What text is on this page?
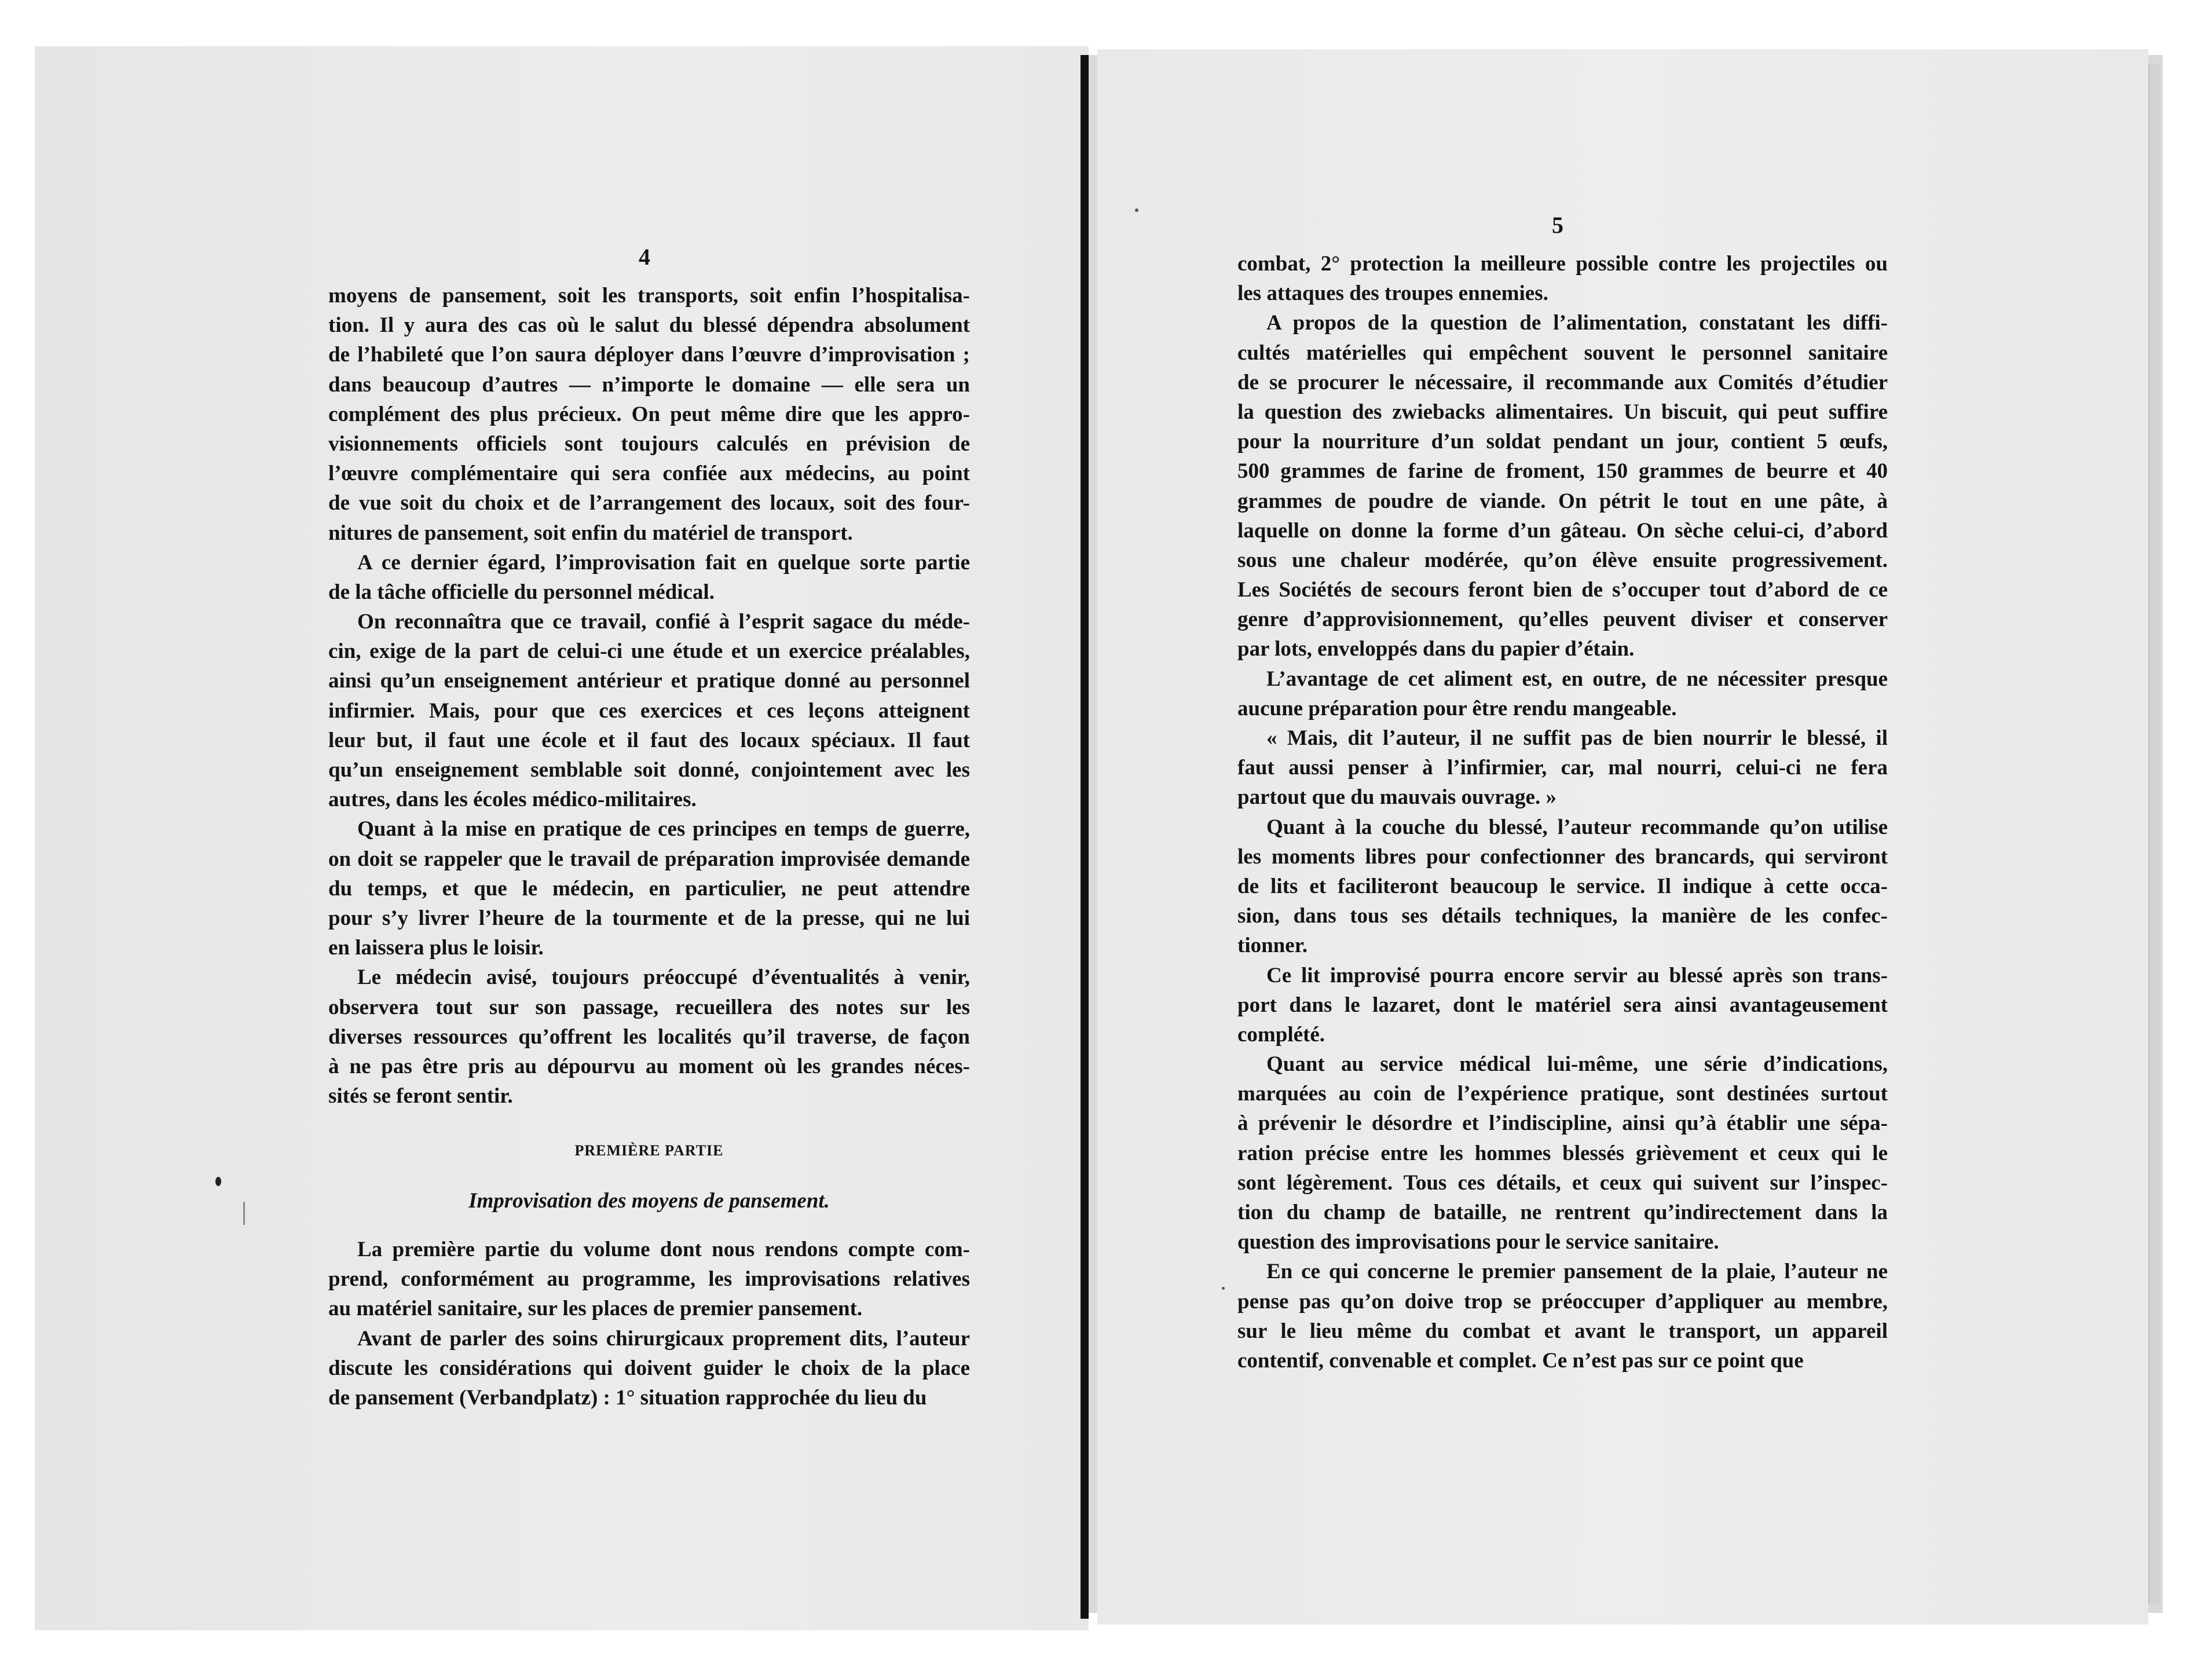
4
5
moyens de pansement, soit les transports, soit enfin l’hospitalisa-
tion. Il y aura des cas où le salut du blessé dépendra absolument
de l’habileté que l’on saura déployer dans l’œuvre d’improvisation ;
dans beaucoup d’autres — n’importe le domaine — elle sera un
complément des plus précieux. On peut même dire que les appro-
visionnements officiels sont toujours calculés en prévision de
l’œuvre complémentaire qui sera confiée aux médecins, au point
de vue soit du choix et de l’arrangement des locaux, soit des four-
nitures de pansement, soit enfin du matériel de transport.
A ce dernier égard, l’improvisation fait en quelque sorte partie
de la tâche officielle du personnel médical.
On reconnaîtra que ce travail, confié à l’esprit sagace du méde-
cin, exige de la part de celui-ci une étude et un exercice préalables,
ainsi qu’un enseignement antérieur et pratique donné au personnel
infirmier. Mais, pour que ces exercices et ces leçons atteignent
leur but, il faut une école et il faut des locaux spéciaux. Il faut
qu’un enseignement semblable soit donné, conjointement avec les
autres, dans les écoles médico-militaires.
Quant à la mise en pratique de ces principes en temps de guerre,
on doit se rappeler que le travail de préparation improvisée demande
du temps, et que le médecin, en particulier, ne peut attendre
pour s’y livrer l’heure de la tourmente et de la presse, qui ne lui
en laissera plus le loisir.
Le médecin avisé, toujours préoccupé d’éventualités à venir,
observera tout sur son passage, recueillera des notes sur les
diverses ressources qu’offrent les localités qu’il traverse, de façon
à ne pas être pris au dépourvu au moment où les grandes néces-
sités se feront sentir.
PREMIÈRE PARTIE
Improvisation des moyens de pansement.
La première partie du volume dont nous rendons compte com-
prend, conformément au programme, les improvisations relatives
au matériel sanitaire, sur les places de premier pansement.
Avant de parler des soins chirurgicaux proprement dits, l’auteur
discute les considérations qui doivent guider le choix de la place
de pansement (Verbandplatz) : 1° situation rapprochée du lieu du
combat, 2° protection la meilleure possible contre les projectiles ou
les attaques des troupes ennemies.
A propos de la question de l’alimentation, constatant les diffi-
cultés matérielles qui empêchent souvent le personnel sanitaire
de se procurer le nécessaire, il recommande aux Comités d’étudier
la question des zwiebacks alimentaires. Un biscuit, qui peut suffire
pour la nourriture d’un soldat pendant un jour, contient 5 œufs,
500 grammes de farine de froment, 150 grammes de beurre et 40
grammes de poudre de viande. On pétrit le tout en une pâte, à
laquelle on donne la forme d’un gâteau. On sèche celui-ci, d’abord
sous une chaleur modérée, qu’on élève ensuite progressivement.
Les Sociétés de secours feront bien de s’occuper tout d’abord de ce
genre d’approvisionnement, qu’elles peuvent diviser et conserver
par lots, enveloppés dans du papier d’étain.
L’avantage de cet aliment est, en outre, de ne nécessiter presque
aucune préparation pour être rendu mangeable.
« Mais, dit l’auteur, il ne suffit pas de bien nourrir le blessé, il
faut aussi penser à l’infirmier, car, mal nourri, celui-ci ne fera
partout que du mauvais ouvrage. »
Quant à la couche du blessé, l’auteur recommande qu’on utilise
les moments libres pour confectionner des brancards, qui serviront
de lits et faciliteront beaucoup le service. Il indique à cette occa-
sion, dans tous ses détails techniques, la manière de les confec-
tionner.
Ce lit improvisé pourra encore servir au blessé après son trans-
port dans le lazaret, dont le matériel sera ainsi avantageusement
complété.
Quant au service médical lui-même, une série d’indications,
marquées au coin de l’expérience pratique, sont destinées surtout
à prévenir le désordre et l’indiscipline, ainsi qu’à établir une sépa-
ration précise entre les hommes blessés grièvement et ceux qui le
sont légèrement. Tous ces détails, et ceux qui suivent sur l’inspec-
tion du champ de bataille, ne rentrent qu’indirectement dans la
question des improvisations pour le service sanitaire.
En ce qui concerne le premier pansement de la plaie, l’auteur ne
pense pas qu’on doive trop se préoccuper d’appliquer au membre,
sur le lieu même du combat et avant le transport, un appareil
contentif, convenable et complet. Ce n’est pas sur ce point que
